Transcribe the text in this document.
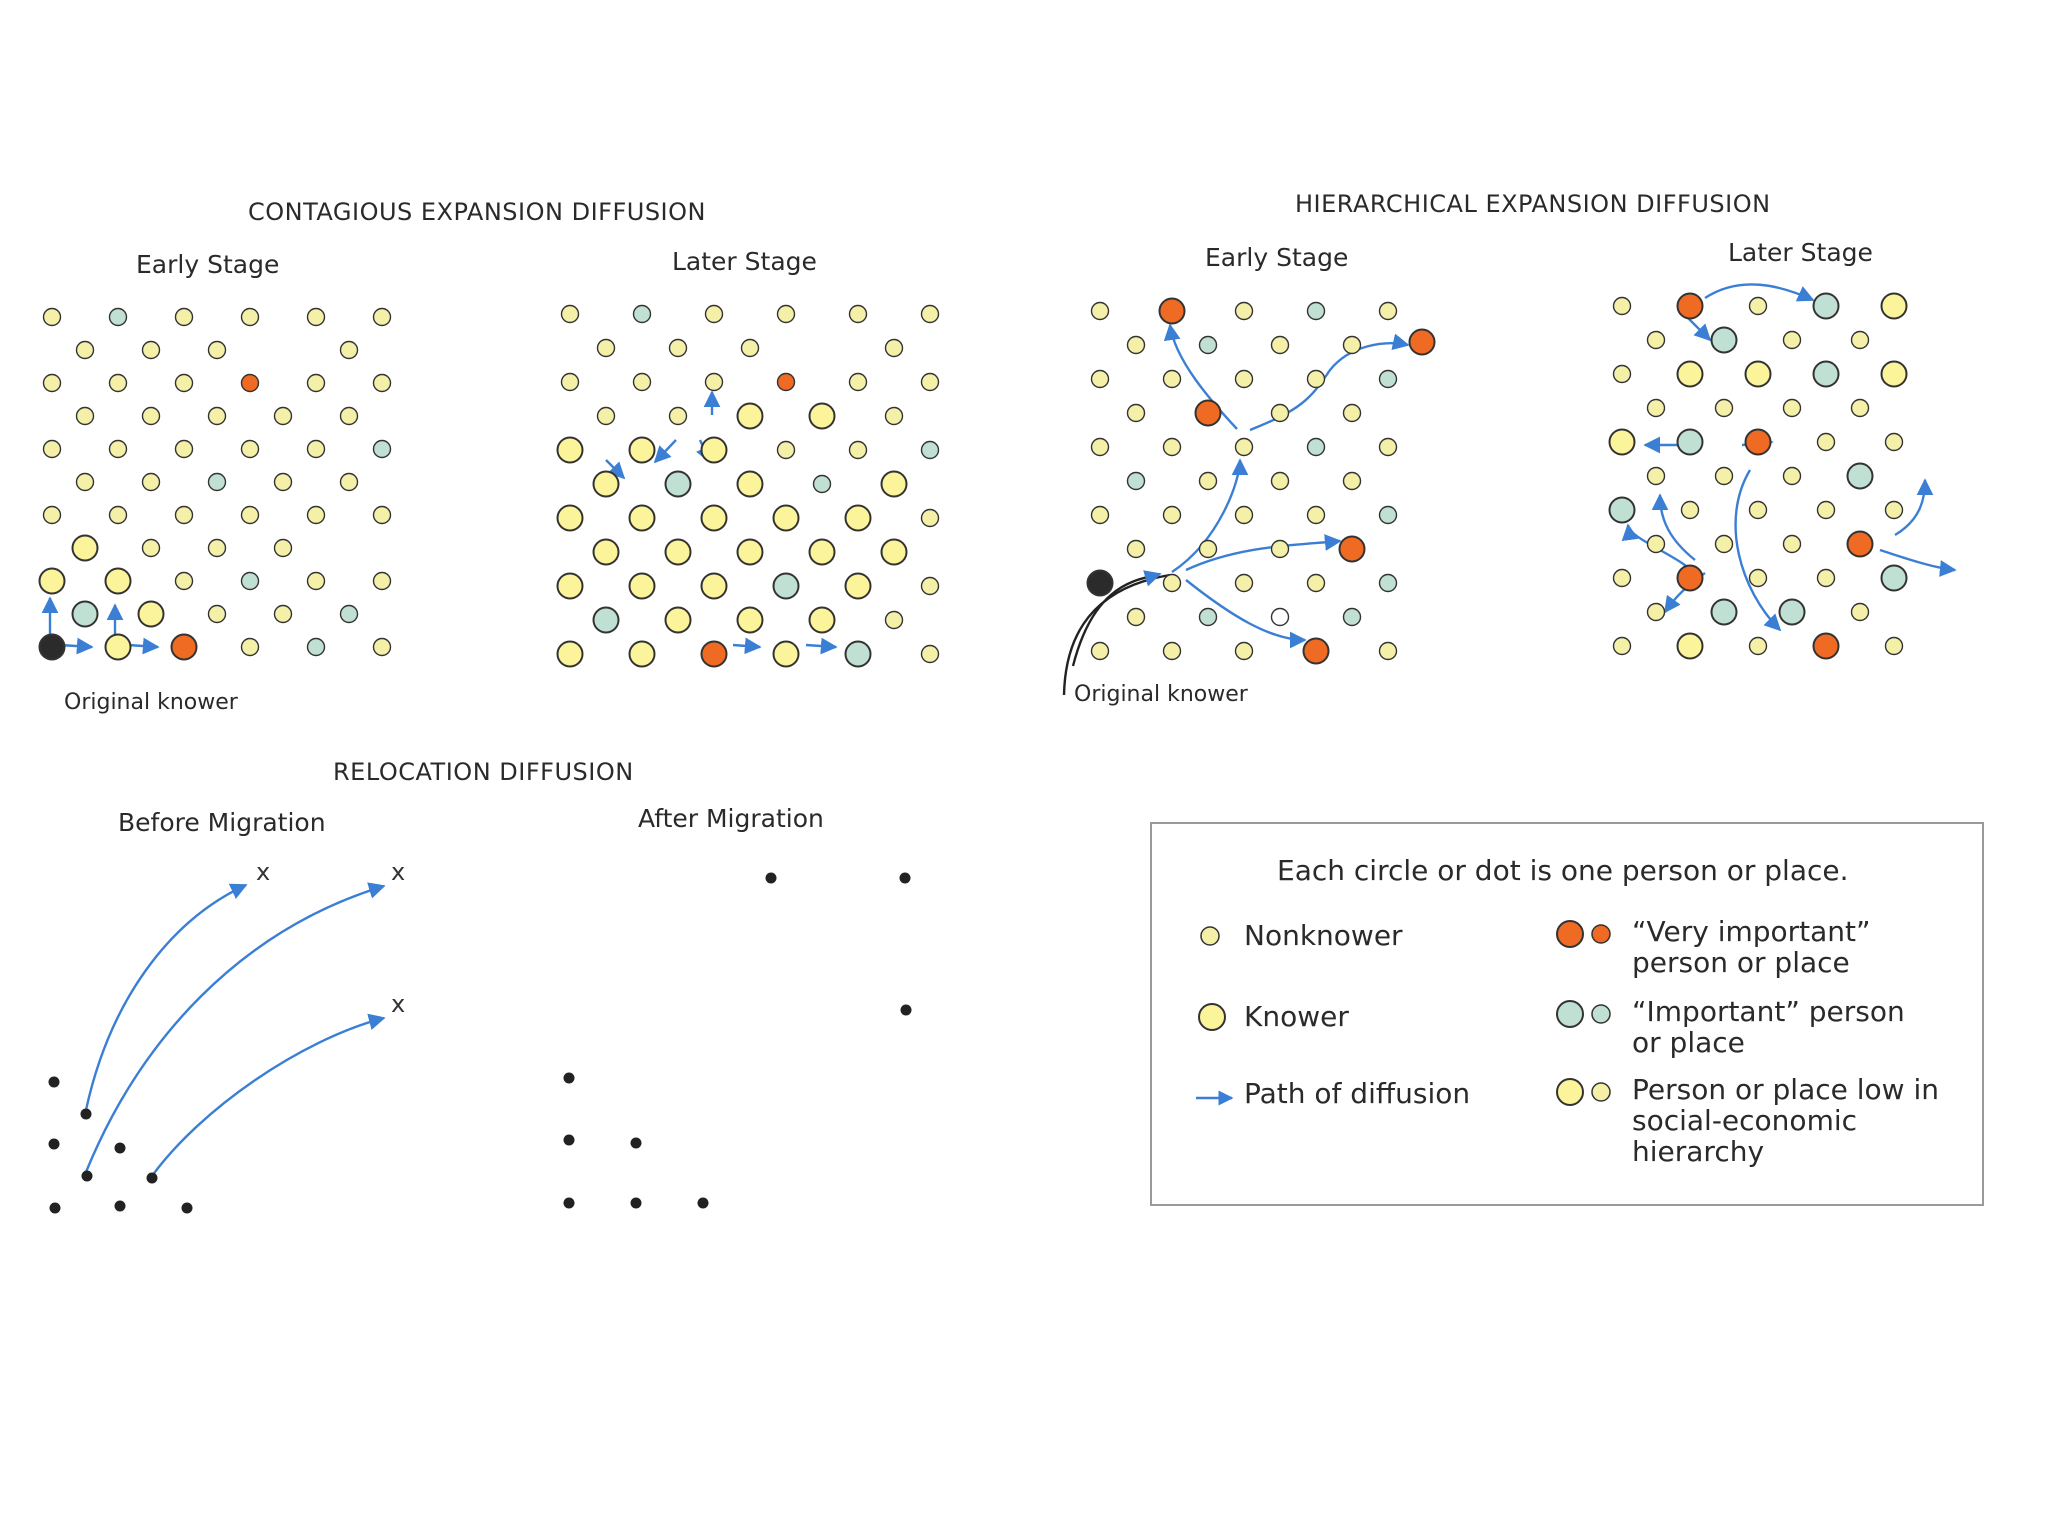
CONTAGIOUS EXPANSION DIFFUSION
Early Stage	Later Stage
Original knower
HIERARCHICAL EXPANSION DIFFUSION
Early Stage	Later Stage
Original knower
RELOCATION DIFFUSION
Before Migration	After Migration
x	x
x
Each circle or dot is one person or place.
Nonknower
Knower
Path of diffusion
“Very important”
person or place
“Important” person
or place
Person or place low in
social-economic
hierarchy
